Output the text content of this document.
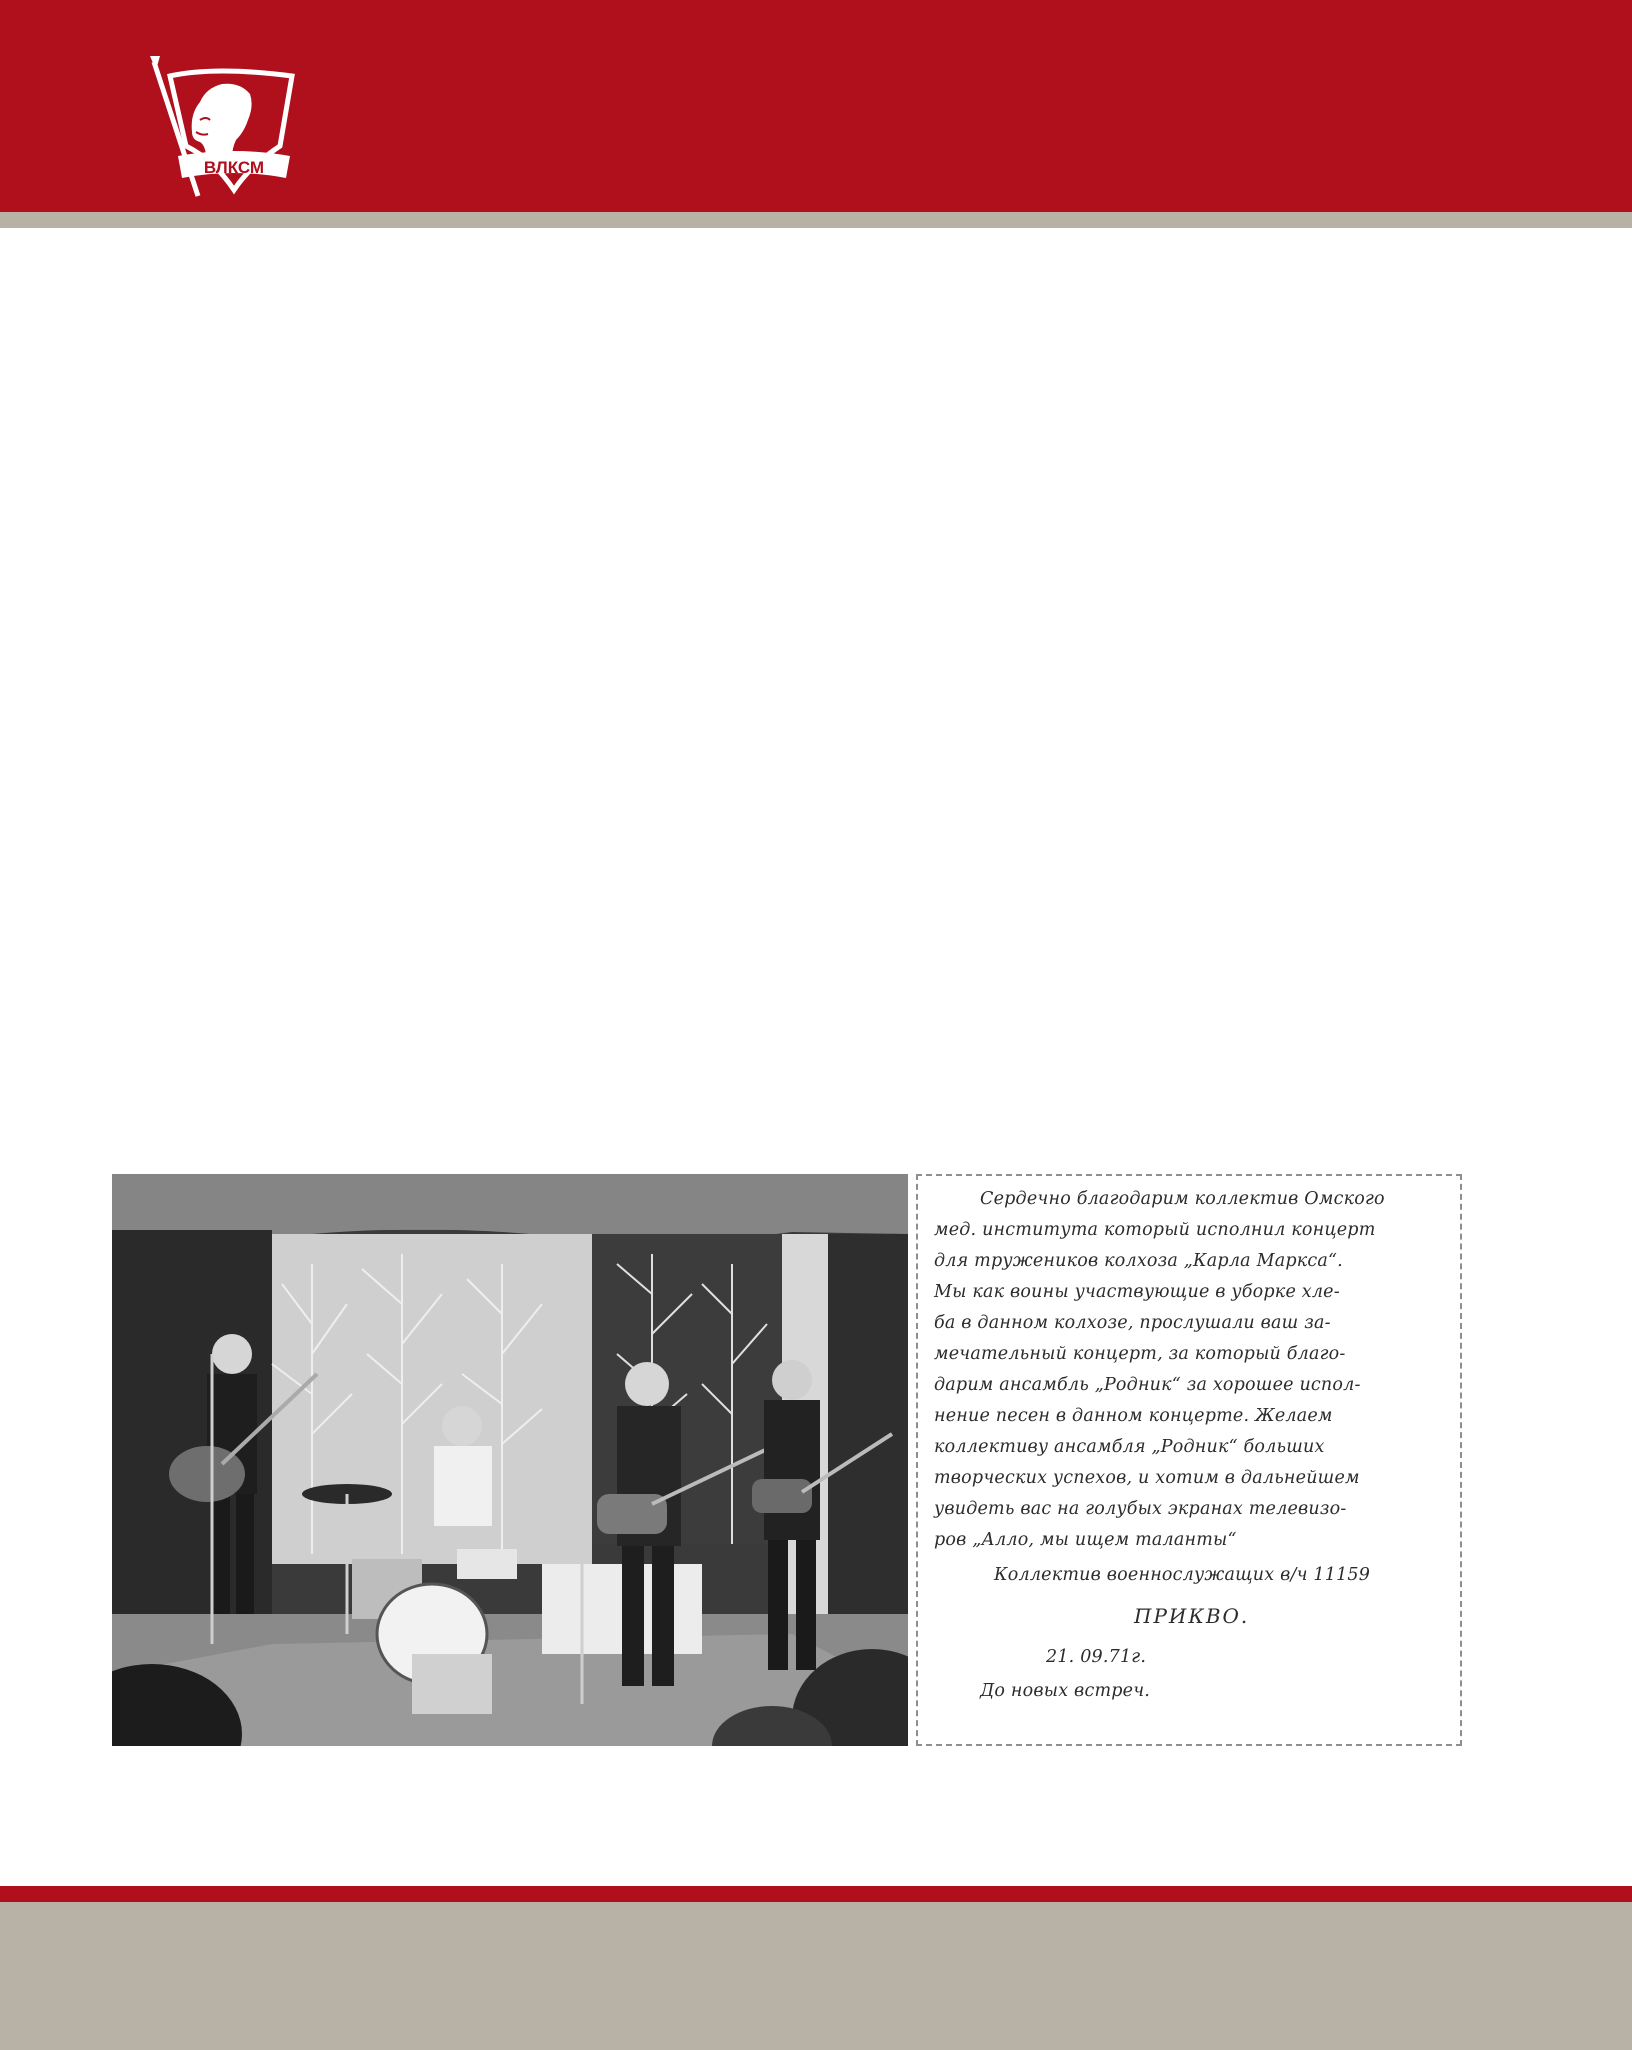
ВЛКСМ
Сердечно благодарим коллектив Омского
мед. института который исполнил концерт
для тружеников колхоза „Карла Маркса“.
Мы как воины участвующие в уборке хле-
ба в данном колхозе, прослушали ваш за-
мечательный концерт, за который благо-
дарим ансамбль „Родник“ за хорошее испол-
нение песен в данном концерте. Желаем
коллективу ансамбля „Родник“ больших
творческих успехов, и хотим в дальнейшем
увидеть вас на голубых экранах телевизо-
ров „Алло, мы ищем таланты“
Коллектив военнослужащих в/ч 11159
ПРИКВО.
21. 09.71г.
До новых встреч.
